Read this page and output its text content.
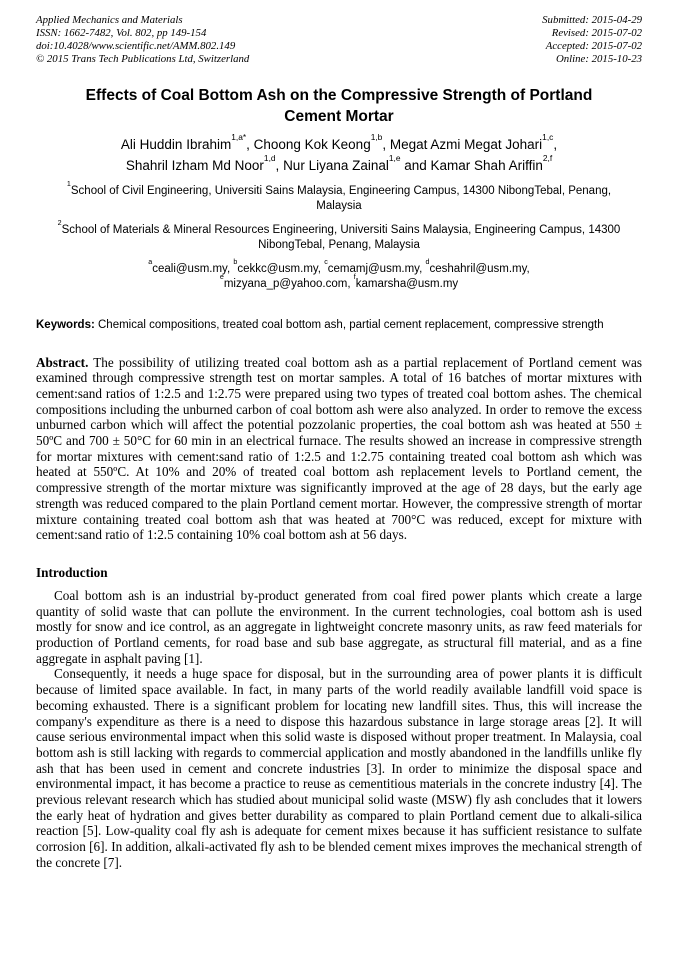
Applied Mechanics and Materials
ISSN: 1662-7482, Vol. 802, pp 149-154
doi:10.4028/www.scientific.net/AMM.802.149
© 2015 Trans Tech Publications Ltd, Switzerland
Submitted: 2015-04-29
Revised: 2015-07-02
Accepted: 2015-07-02
Online: 2015-10-23
Effects of Coal Bottom Ash on the Compressive Strength of Portland Cement Mortar
Ali Huddin Ibrahim$^{1,a*}$, Choong Kok Keong$^{1,b}$, Megat Azmi Megat Johari$^{1,c}$,
Shahril Izham Md Noor$^{1,d}$, Nur Liyana Zainal$^{1,e}$ and Kamar Shah Ariffin$^{2,f}$
$^1$School of Civil Engineering, Universiti Sains Malaysia, Engineering Campus, 14300 NibongTebal, Penang, Malaysia
$^2$School of Materials & Mineral Resources Engineering, Universiti Sains Malaysia, Engineering Campus, 14300 NibongTebal, Penang, Malaysia
$^a$ceali@usm.my, $^b$cekkc@usm.my, $^c$cemamj@usm.my, $^d$ceshahril@usm.my,
$^e$mizyana_p@yahoo.com, $^f$kamarsha@usm.my
Keywords: Chemical compositions, treated coal bottom ash, partial cement replacement, compressive strength
Abstract. The possibility of utilizing treated coal bottom ash as a partial replacement of Portland cement was examined through compressive strength test on mortar samples. A total of 16 batches of mortar mixtures with cement:sand ratios of 1:2.5 and 1:2.75 were prepared using two types of treated coal bottom ashes. The chemical compositions including the unburned carbon of coal bottom ash were also analyzed. In order to remove the excess unburned carbon which will affect the potential pozzolanic properties, the coal bottom ash was heated at 550 ± 50ºC and 700 ± 50°C for 60 min in an electrical furnace. The results showed an increase in compressive strength for mortar mixtures with cement:sand ratio of 1:2.5 and 1:2.75 containing treated coal bottom ash which was heated at 550ºC. At 10% and 20% of treated coal bottom ash replacement levels to Portland cement, the compressive strength of the mortar mixture was significantly improved at the age of 28 days, but the early age strength was reduced compared to the plain Portland cement mortar. However, the compressive strength of mortar mixture containing treated coal bottom ash that was heated at 700°C was reduced, except for mixture with cement:sand ratio of 1:2.5 containing 10% coal bottom ash at 56 days.
Introduction

Coal bottom ash is an industrial by-product generated from coal fired power plants which create a large quantity of solid waste that can pollute the environment. In the current technologies, coal bottom ash is used mostly for snow and ice control, as an aggregate in lightweight concrete masonry units, as raw feed materials for production of Portland cements, for road base and sub base aggregate, as structural fill material, and as a fine aggregate in asphalt paving [1].

Consequently, it needs a huge space for disposal, but in the surrounding area of power plants it is difficult because of limited space available. In fact, in many parts of the world readily available landfill void space is becoming exhausted. There is a significant problem for locating new landfill sites. Thus, this will increase the company's expenditure as there is a need to dispose this hazardous substance in large storage areas [2]. It will cause serious environmental impact when this solid waste is disposed without proper treatment. In Malaysia, coal bottom ash is still lacking with regards to commercial application and mostly abandoned in the landfills unlike fly ash that has been used in cement and concrete industries [3]. In order to minimize the disposal space and environmental impact, it has become a practice to reuse as cementitious materials in the concrete industry [4]. The previous relevant research which has studied about municipal solid waste (MSW) fly ash concludes that it lowers the early heat of hydration and gives better durability as compared to plain Portland cement due to alkali-silica reaction [5]. Low-quality coal fly ash is adequate for cement mixes because it has sufficient resistance to sulfate corrosion [6]. In addition, alkali-activated fly ash to be blended cement mixes improves the mechanical strength of the concrete [7].
